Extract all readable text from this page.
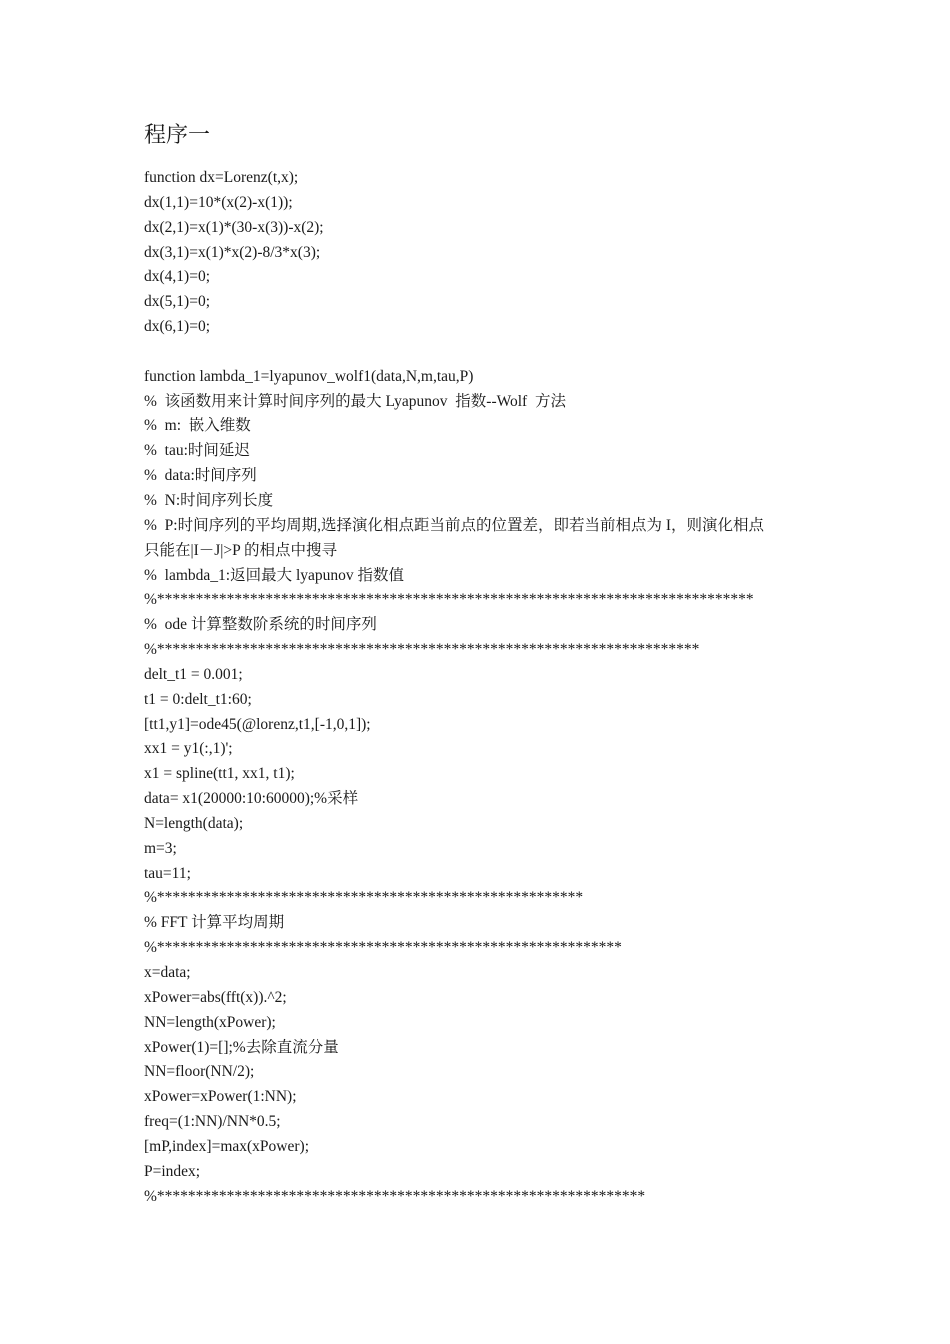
程序一
function dx=Lorenz(t,x);
dx(1,1)=10*(x(2)-x(1));
dx(2,1)=x(1)*(30-x(3))-x(2);
dx(3,1)=x(1)*x(2)-8/3*x(3);
dx(4,1)=0;
dx(5,1)=0;
dx(6,1)=0;
function lambda_1=lyapunov_wolf1(data,N,m,tau,P)
%  该函数用来计算时间序列的最大 Lyapunov  指数--Wolf  方法
%  m:  嵌入维数
%  tau:时间延迟
%  data:时间序列
%  N:时间序列长度
%  P:时间序列的平均周期,选择演化相点距当前点的位置差，即若当前相点为 I，则演化相点
只能在|I－J|>P 的相点中搜寻
%  lambda_1:返回最大 lyapunov 指数值
%*****************************************************************************
%  ode 计算整数阶系统的时间序列
%**********************************************************************
delt_t1 = 0.001;
t1 = 0:delt_t1:60;
[tt1,y1]=ode45(@lorenz,t1,[-1,0,1]);
xx1 = y1(:,1)';
x1 = spline(tt1, xx1, t1);
data= x1(20000:10:60000);%采样
N=length(data);
m=3;
tau=11;
%*******************************************************
% FFT 计算平均周期
%************************************************************
x=data;
xPower=abs(fft(x)).^2;
NN=length(xPower);
xPower(1)=[];%去除直流分量
NN=floor(NN/2);
xPower=xPower(1:NN);
freq=(1:NN)/NN*0.5;
[mP,index]=max(xPower);
P=index;
%***************************************************************
